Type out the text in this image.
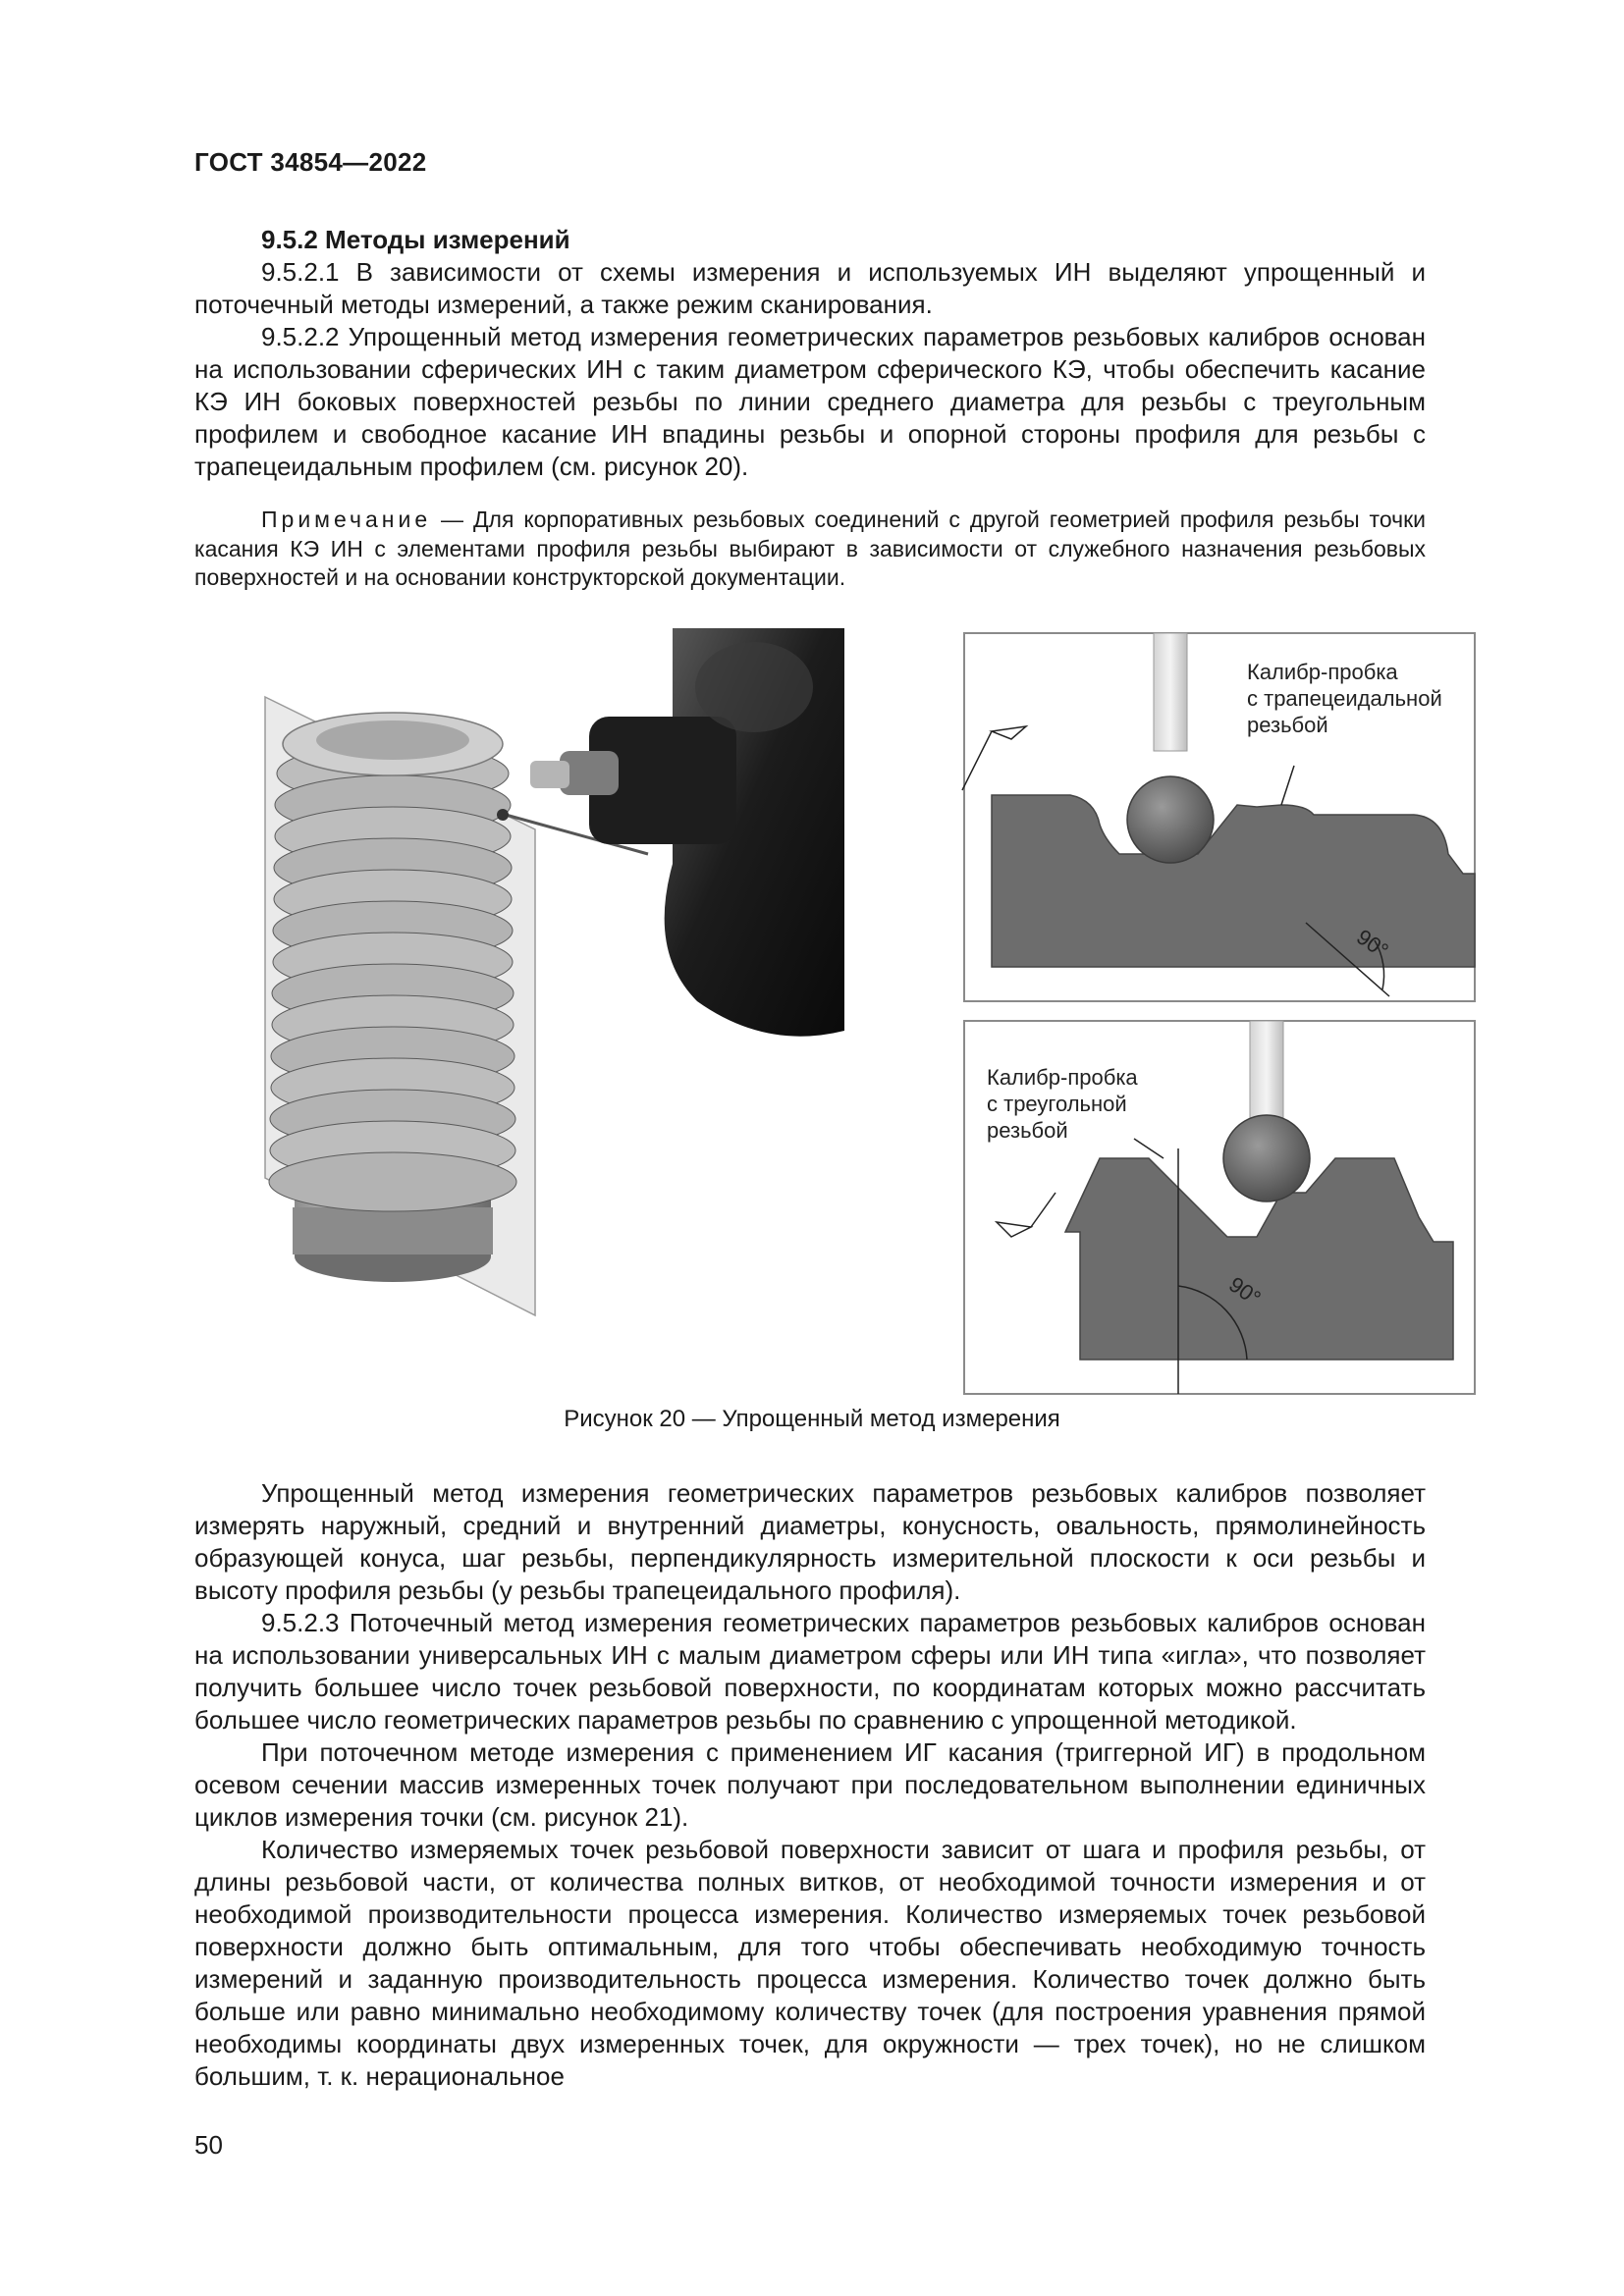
ГОСТ 34854—2022

9.5.2 Методы измерений

9.5.2.1 В зависимости от схемы измерения и используемых ИН выделяют упрощенный и поточечный методы измерений, а также режим сканирования.

9.5.2.2 Упрощенный метод измерения геометрических параметров резьбовых калибров основан на использовании сферических ИН с таким диаметром сферического КЭ, чтобы обеспечить касание КЭ ИН боковых поверхностей резьбы по линии среднего диаметра для резьбы с треугольным профилем и свободное касание ИН впадины резьбы и опорной стороны профиля для резьбы с трапецеидальным профилем (см. рисунок 20).

Примечание — Для корпоративных резьбовых соединений с другой геометрией профиля резьбы точки касания КЭ ИН с элементами профиля резьбы выбирают в зависимости от служебного назначения резьбовых поверхностей и на основании конструкторской документации.
90°
Калибр-пробка
с трапецеидальной
резьбой
90°
Калибр-пробка
с треугольной
резьбой
Рисунок 20 — Упрощенный метод измерения

Упрощенный метод измерения геометрических параметров резьбовых калибров позволяет измерять наружный, средний и внутренний диаметры, конусность, овальность, прямолинейность образующей конуса, шаг резьбы, перпендикулярность измерительной плоскости к оси резьбы и высоту профиля резьбы (у резьбы трапецеидального профиля).

9.5.2.3 Поточечный метод измерения геометрических параметров резьбовых калибров основан на использовании универсальных ИН с малым диаметром сферы или ИН типа «игла», что позволяет получить большее число точек резьбовой поверхности, по координатам которых можно рассчитать большее число геометрических параметров резьбы по сравнению с упрощенной методикой.

При поточечном методе измерения с применением ИГ касания (триггерной ИГ) в продольном осевом сечении массив измеренных точек получают при последовательном выполнении единичных циклов измерения точки (см. рисунок 21).

Количество измеряемых точек резьбовой поверхности зависит от шага и профиля резьбы, от длины резьбовой части, от количества полных витков, от необходимой точности измерения и от необходимой производительности процесса измерения. Количество измеряемых точек резьбовой поверхности должно быть оптимальным, для того чтобы обеспечивать необходимую точность измерений и заданную производительность процесса измерения. Количество точек должно быть больше или равно минимально необходимому количеству точек (для построения уравнения прямой необходимы координаты двух измеренных точек, для окружности — трех точек), но не слишком большим, т. к. нерациональное

50
